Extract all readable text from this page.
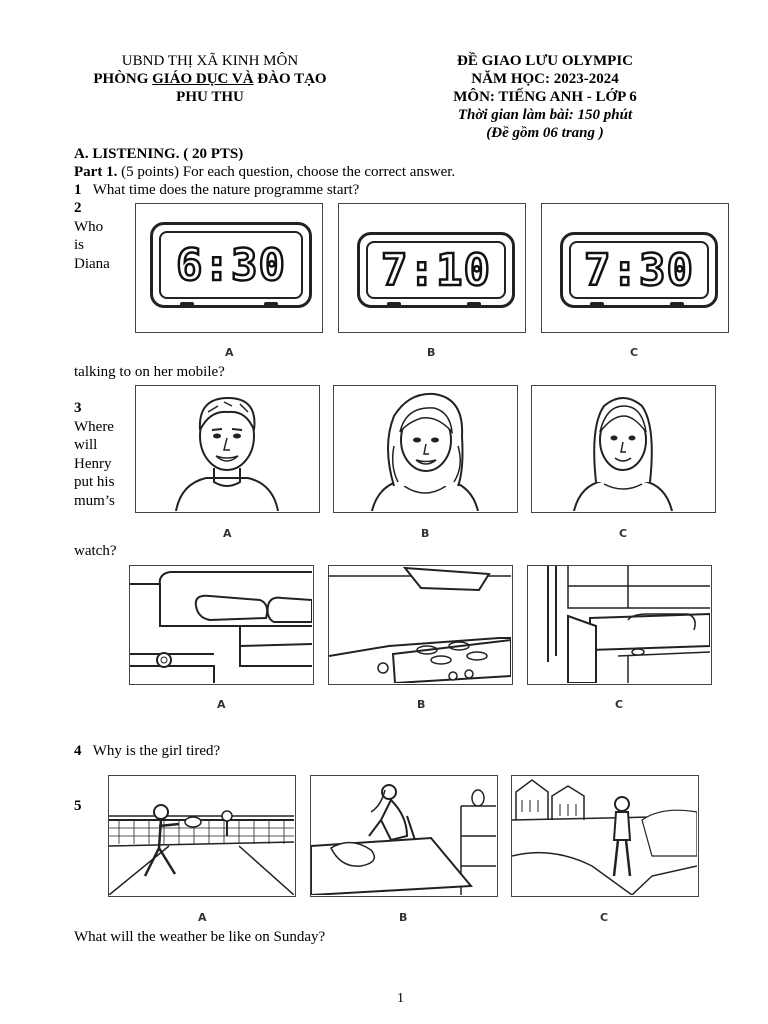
UBND THỊ XÃ KINH MÔN
PHÒNG GIÁO DỤC VÀ ĐÀO TẠO
PHU THU
ĐỀ GIAO LƯU OLYMPIC
NĂM HỌC: 2023-2024
MÔN: TIẾNG ANH - LỚP 6
Thời gian làm bài: 150 phút
(Đề gồm 06 trang )
A. LISTENING. ( 20 PTS)
Part 1. (5 points) For each question, choose the correct answer.
1 What time does the nature programme start?
2
Who
is
Diana 6:30 7:10 7:30
A	B	C
talking to on her mobile?
3
Where
will
Henry
put his
mum’s
A	B	C
watch?
A	B	C
4 Why is the girl tired?
5
A	B	C
What will the weather be like on Sunday?
1
